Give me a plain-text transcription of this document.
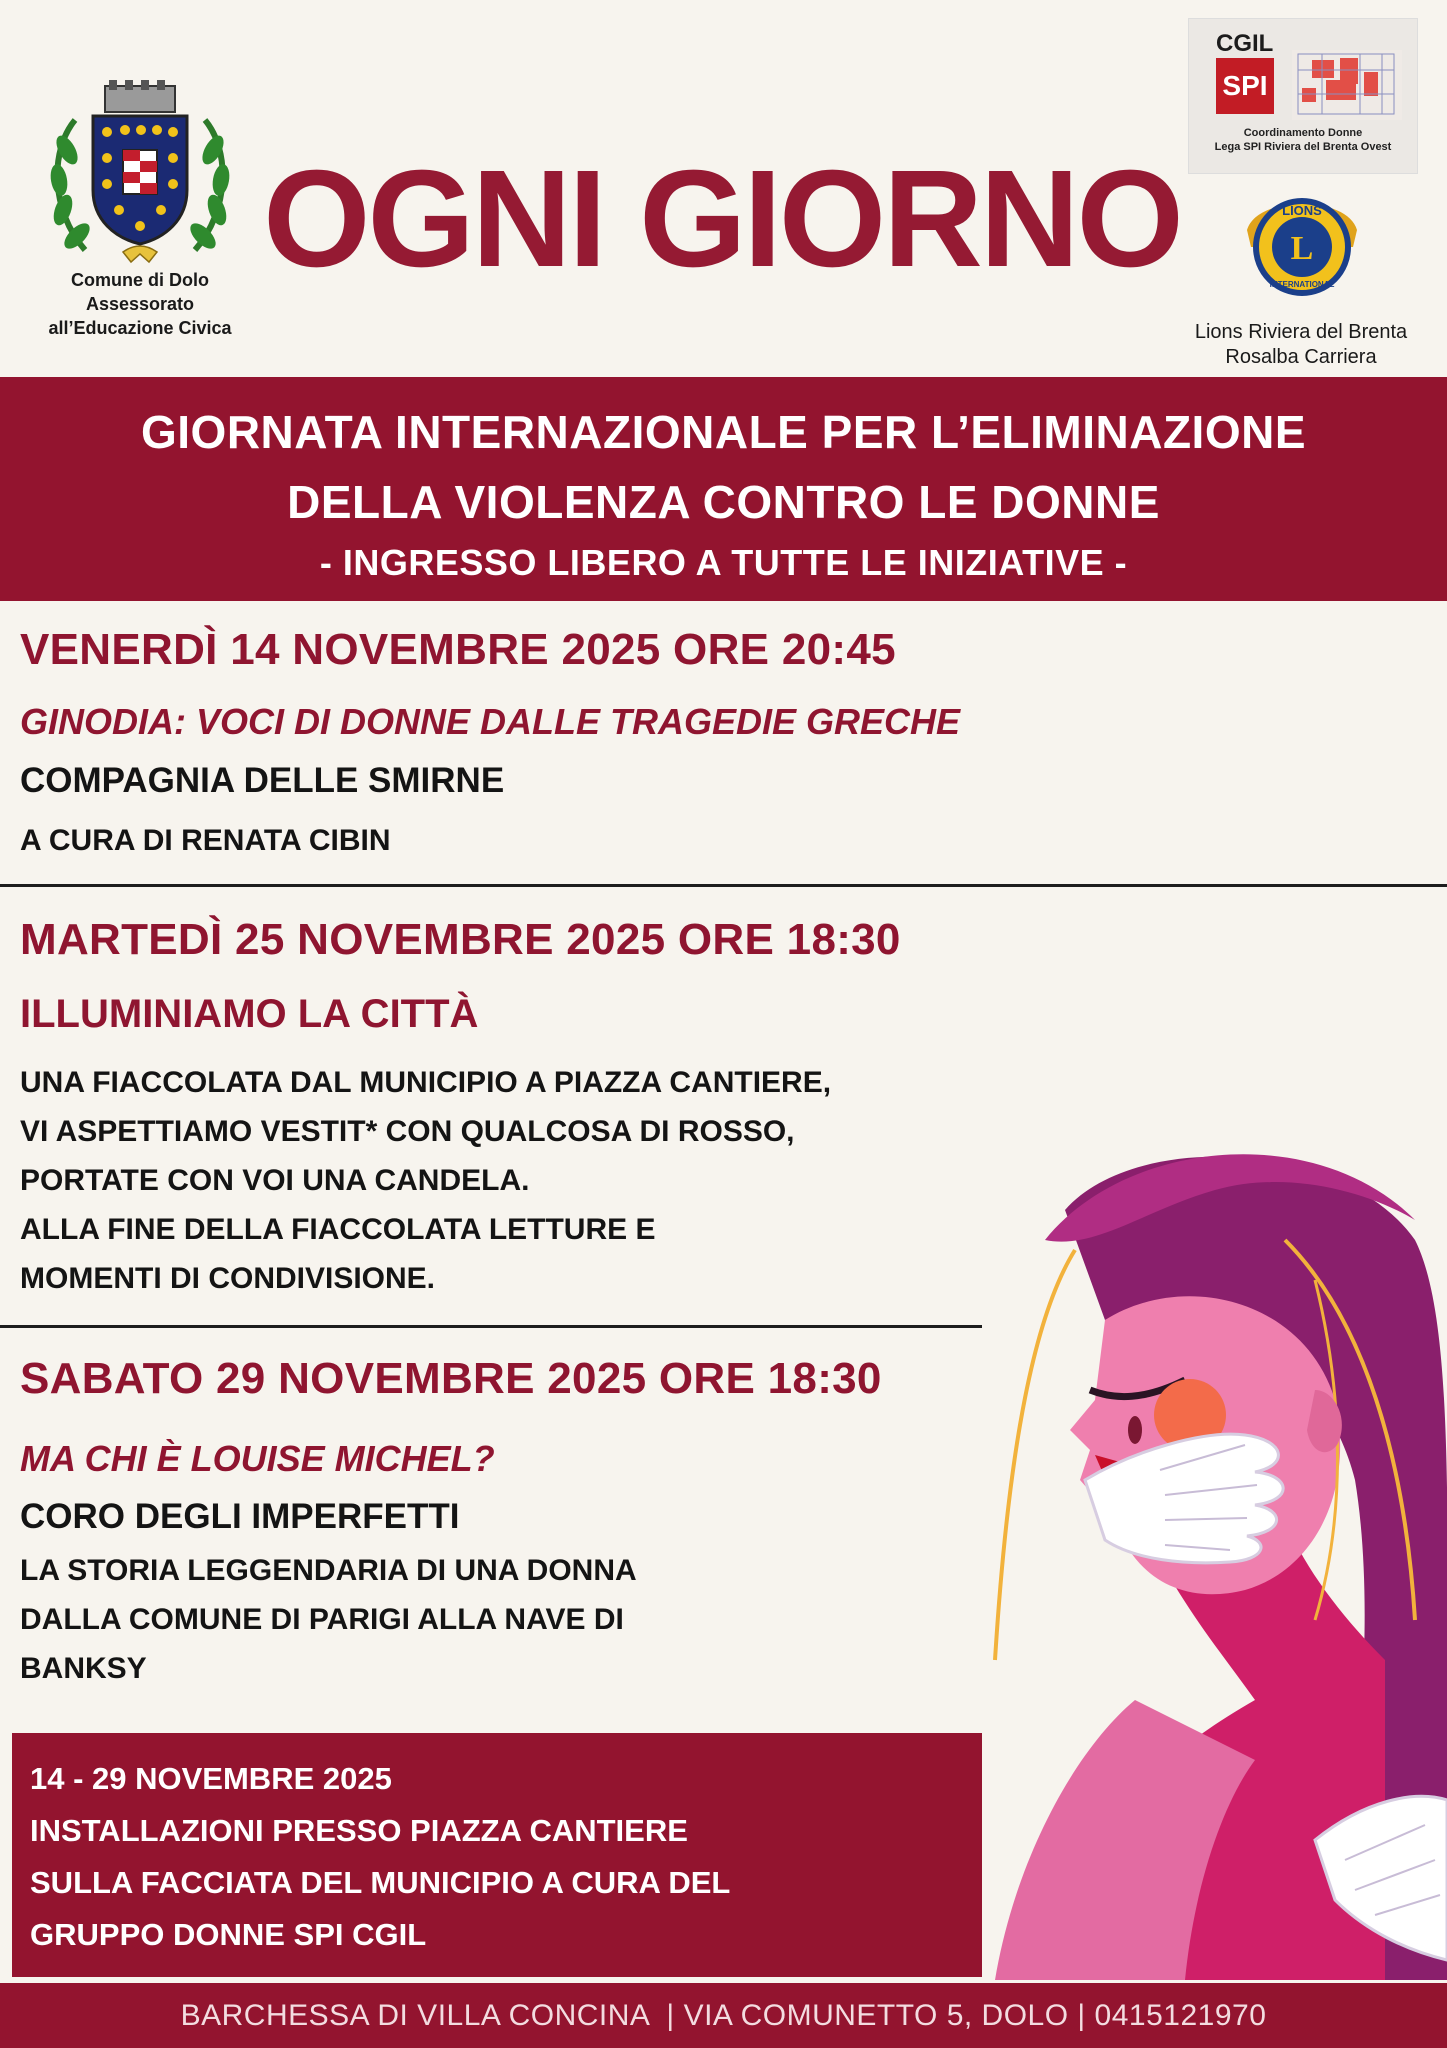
Comune di Dolo
Assessorato
all’Educazione Civica
OGNI GIORNO
CGIL
SPI
Coordinamento Donne
Lega SPI Riviera del Brenta Ovest
L
LIONS
INTERNATIONAL
Lions Riviera del Brenta
Rosalba Carriera
GIORNATA INTERNAZIONALE PER L’ELIMINAZIONE
DELLA VIOLENZA CONTRO LE DONNE
- INGRESSO LIBERO A TUTTE LE INIZIATIVE -
VENERDÌ 14 NOVEMBRE 2025 ORE 20:45
GINODIA: VOCI DI DONNE DALLE TRAGEDIE GRECHE
COMPAGNIA DELLE SMIRNE
A CURA DI RENATA CIBIN
MARTEDÌ 25 NOVEMBRE 2025 ORE 18:30
ILLUMINIAMO LA CITTÀ
UNA FIACCOLATA DAL MUNICIPIO A PIAZZA CANTIERE,
VI ASPETTIAMO VESTIT* CON QUALCOSA DI ROSSO,
PORTATE CON VOI UNA CANDELA.
ALLA FINE DELLA FIACCOLATA LETTURE E
MOMENTI DI CONDIVISIONE.
SABATO 29 NOVEMBRE 2025 ORE 18:30
MA CHI È LOUISE MICHEL?
CORO DEGLI IMPERFETTI
LA STORIA LEGGENDARIA DI UNA DONNA
DALLA COMUNE DI PARIGI ALLA NAVE DI
BANKSY
14 - 29 NOVEMBRE 2025
INSTALLAZIONI PRESSO PIAZZA CANTIERE
SULLA FACCIATA DEL MUNICIPIO A CURA DEL
GRUPPO DONNE SPI CGIL
BARCHESSA DI VILLA CONCINA  | VIA COMUNETTO 5, DOLO | 0415121970
